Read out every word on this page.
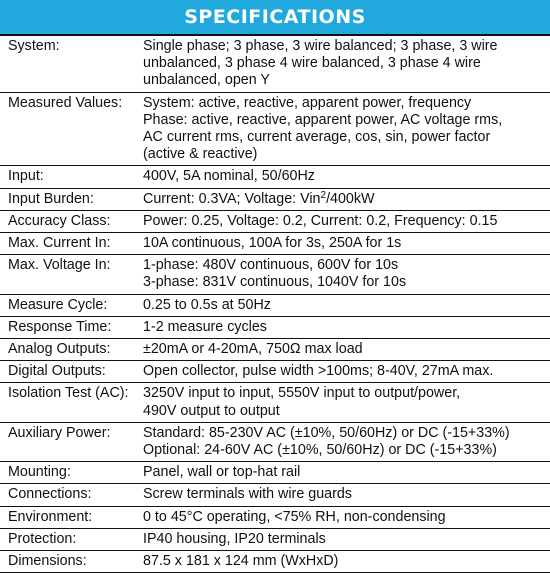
SPECIFICATIONS
System:	Single phase; 3 phase, 3 wire balanced; 3 phase, 3 wire
unbalanced, 3 phase 4 wire balanced, 3 phase 4 wire
unbalanced, open Y

Measured Values:	System: active, reactive, apparent power, frequency
Phase: active, reactive, apparent power, AC voltage rms,
AC current rms, current average, cos, sin, power factor
(active & reactive)

Input:	400V, 5A nominal, 50/60Hz

Input Burden:	Current: 0.3VA; Voltage: Vin$^2$/400kW

Accuracy Class:	Power: 0.25, Voltage: 0.2, Current: 0.2, Frequency: 0.15

Max. Current In:	10A continuous, 100A for 3s, 250A for 1s

Max. Voltage In:	1-phase: 480V continuous, 600V for 10s
3-phase: 831V continuous, 1040V for 10s

Measure Cycle:	0.25 to 0.5s at 50Hz

Response Time:	1-2 measure cycles

Analog Outputs:	±20mA or 4-20mA, 750Ω max load

Digital Outputs:	Open collector, pulse width >100ms; 8-40V, 27mA max.

Isolation Test (AC):	3250V input to input, 5550V input to output/power,
490V output to output

Auxiliary Power:	Standard: 85-230V AC (±10%, 50/60Hz) or DC (-15+33%)
Optional: 24-60V AC (±10%, 50/60Hz) or DC (-15+33%)

Mounting:	Panel, wall or top-hat rail

Connections:	Screw terminals with wire guards

Environment:	0 to 45°C operating, <75% RH, non-condensing

Protection:	IP40 housing, IP20 terminals

Dimensions:	87.5 x 181 x 124 mm (WxHxD)
